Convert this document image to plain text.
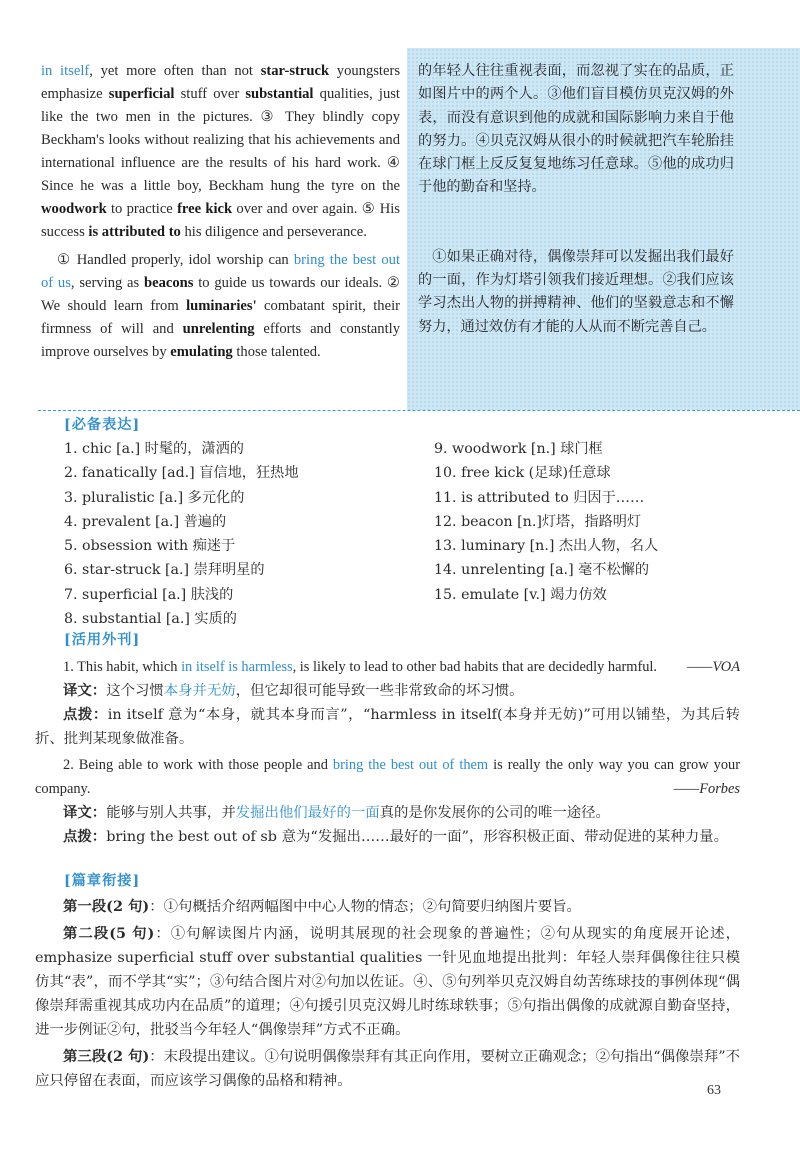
in itself, yet more often than not star-struck youngsters emphasize superficial stuff over substantial qualities, just like the two men in the pictures. ③ They blindly copy Beckham's looks without realizing that his achievements and international influence are the results of his hard work. ④ Since he was a little boy, Beckham hung the tyre on the woodwork to practice free kick over and over again. ⑤ His success is attributed to his diligence and perseverance.

① Handled properly, idol worship can bring the best out of us, serving as beacons to guide us towards our ideals. ② We should learn from luminaries' combatant spirit, their firmness of will and unrelenting efforts and constantly improve ourselves by emulating those talented.

的年轻人往往重视表面，而忽视了实在的品质，正如图片中的两个人。③他们盲目模仿贝克汉姆的外表，而没有意识到他的成就和国际影响力来自于他的努力。④贝克汉姆从很小的时候就把汽车轮胎挂在球门框上反反复复地练习任意球。⑤他的成功归于他的勤奋和坚持。

①如果正确对待，偶像崇拜可以发掘出我们最好的一面，作为灯塔引领我们接近理想。②我们应该学习杰出人物的拼搏精神、他们的坚毅意志和不懈努力，通过效仿有才能的人从而不断完善自己。

[必备表达]
1. chic [a.] 时髦的，潇洒的
2. fanatically [ad.] 盲信地，狂热地
3. pluralistic [a.] 多元化的
4. prevalent [a.] 普遍的
5. obsession with 痴迷于
6. star-struck [a.] 崇拜明星的
7. superficial [a.] 肤浅的
8. substantial [a.] 实质的
9. woodwork [n.] 球门框
10. free kick (足球)任意球
11. is attributed to 归因于……
12. beacon [n.]灯塔，指路明灯
13. luminary [n.] 杰出人物，名人
14. unrelenting [a.] 毫不松懈的
15. emulate [v.] 竭力仿效
[活用外刊]

1. This habit, which in itself is harmless, is likely to lead to other bad habits that are decidedly harmful.	——VOA

译文：这个习惯本身并无妨，但它却很可能导致一些非常致命的坏习惯。

点拨：in itself 意为“本身，就其本身而言”，“harmless in itself(本身并无妨)”可用以铺垫，为其后转折、批判某现象做准备。

2. Being able to work with those people and bring the best out of them is really the only way you can grow your company.	——Forbes

译文：能够与别人共事，并发掘出他们最好的一面真的是你发展你的公司的唯一途径。

点拨：bring the best out of sb 意为“发掘出……最好的一面”，形容积极正面、带动促进的某种力量。

[篇章衔接]

第一段(2 句)：①句概括介绍两幅图中中心人物的情态；②句简要归纳图片要旨。

第二段(5 句)：①句解读图片内涵，说明其展现的社会现象的普遍性；②句从现实的角度展开论述，emphasize superficial stuff over substantial qualities 一针见血地提出批判：年轻人崇拜偶像往往只模仿其“表”，而不学其“实”；③句结合图片对②句加以佐证。④、⑤句列举贝克汉姆自幼苦练球技的事例体现“偶像崇拜需重视其成功内在品质”的道理；④句援引贝克汉姆儿时练球轶事；⑤句指出偶像的成就源自勤奋坚持，进一步例证②句，批驳当今年轻人“偶像崇拜”方式不正确。

第三段(2 句)：末段提出建议。①句说明偶像崇拜有其正向作用，要树立正确观念；②句指出“偶像崇拜”不应只停留在表面，而应该学习偶像的品格和精神。

63
